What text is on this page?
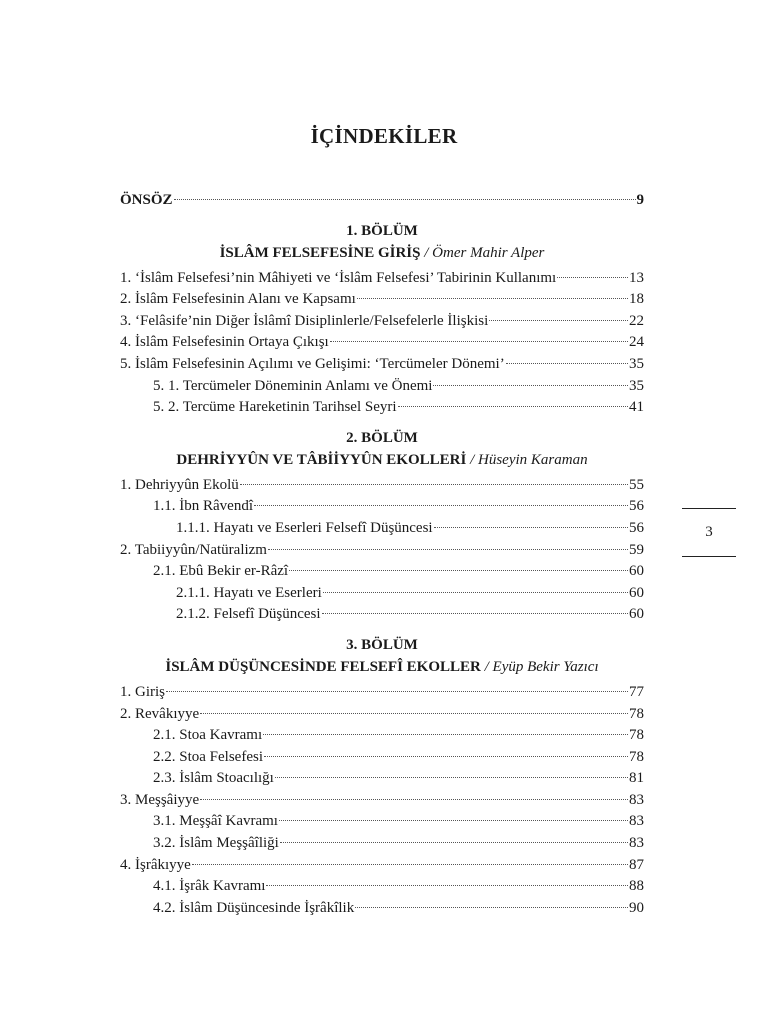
İÇİNDEKİLER
ÖNSÖZ	9
1. BÖLÜM
İSLÂM FELSEFESİNE GİRİŞ / Ömer Mahir Alper
1. ‘İslâm Felsefesi’nin Mâhiyeti ve ‘İslâm Felsefesi’ Tabirinin Kullanımı	13
2. İslâm Felsefesinin Alanı ve Kapsamı	18
3. ‘Felâsife’nin Diğer İslâmî Disiplinlerle/Felsefelerle İlişkisi	22
4. İslâm Felsefesinin Ortaya Çıkışı	24
5. İslâm Felsefesinin Açılımı ve Gelişimi: ‘Tercümeler Dönemi’	35
5. 1. Tercümeler Döneminin Anlamı ve Önemi	35
5. 2. Tercüme Hareketinin Tarihsel Seyri	41
2. BÖLÜM
DEHRİYYÛN VE TÂBİİYYÛN EKOLLERİ / Hüseyin Karaman
1. Dehriyyûn Ekolü	55
1.1. İbn Râvendî	56
1.1.1. Hayatı ve Eserleri Felsefî Düşüncesi	56
2. Tabiiyyûn/Natüralizm	59
2.1. Ebû Bekir er-Râzî	60
2.1.1. Hayatı ve Eserleri	60
2.1.2. Felsefî Düşüncesi	60
3. BÖLÜM
İSLÂM DÜŞÜNCESİNDE FELSEFÎ EKOLLER / Eyüp Bekir Yazıcı
1. Giriş	77
2. Revâkıyye	78
2.1. Stoa Kavramı	78
2.2. Stoa Felsefesi	78
2.3. İslâm Stoacılığı	81
3. Meşşâiyye	83
3.1. Meşşâî Kavramı	83
3.2. İslâm Meşşâîliği	83
4. İşrâkıyye	87
4.1. İşrâk Kavramı	88
4.2. İslâm Düşüncesinde İşrâkîlik	90
3
